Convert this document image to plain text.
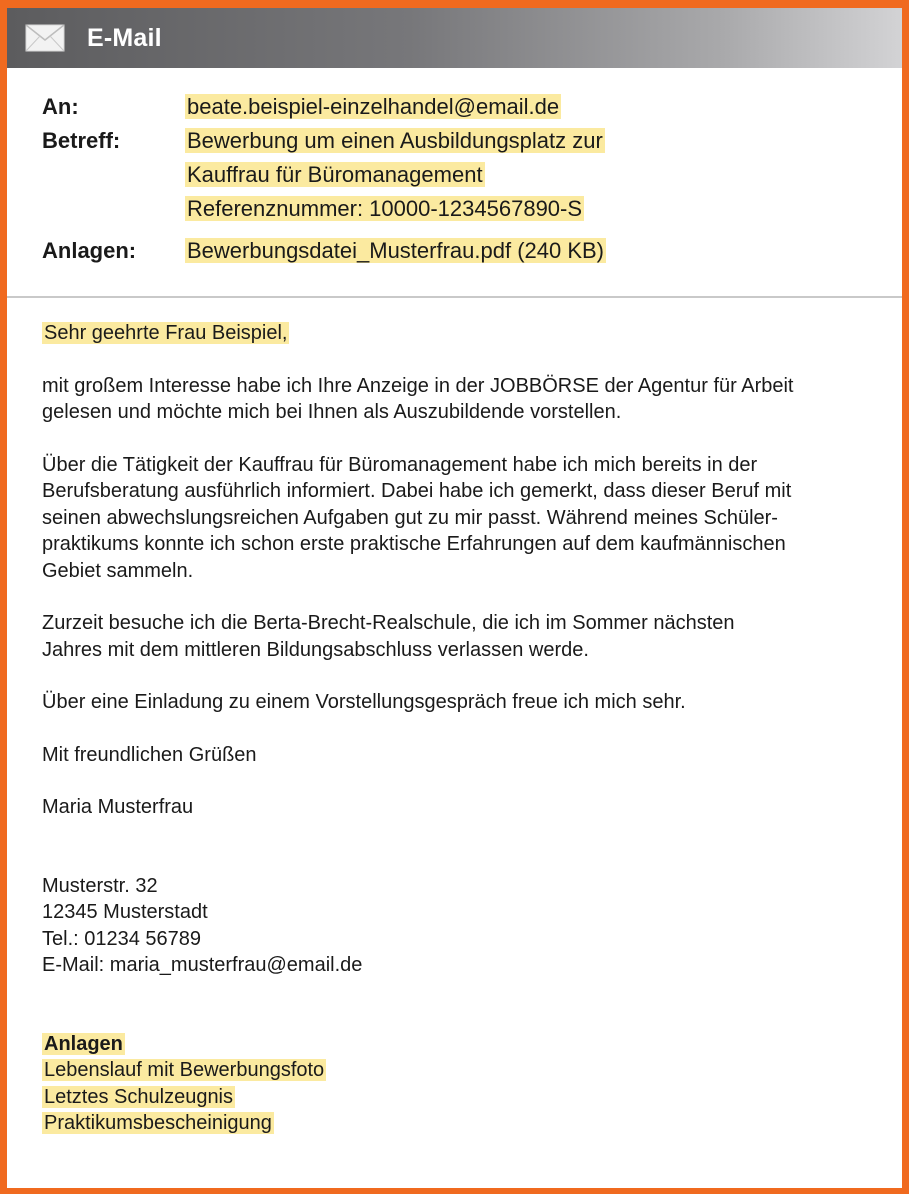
E-Mail
An:	beate.beispiel-einzelhandel@email.de
Betreff:	Bewerbung um einen Ausbildungsplatz zur
Kauffrau für Büromanagement
Referenznummer: 10000-1234567890-S
Anlagen: Bewerbungsdatei_Musterfrau.pdf (240 KB)

Sehr geehrte Frau Beispiel,

mit großem Interesse habe ich Ihre Anzeige in der JOBBÖRSE der Agentur für Arbeit
gelesen und möchte mich bei Ihnen als Auszubildende vorstellen.

Über die Tätigkeit der Kauffrau für Büromanagement habe ich mich bereits in der
Berufsberatung ausführlich informiert. Dabei habe ich gemerkt, dass dieser Beruf mit
seinen abwechslungsreichen Aufgaben gut zu mir passt. Während meines Schüler-
praktikums konnte ich schon erste praktische Erfahrungen auf dem kaufmännischen
Gebiet sammeln.

Zurzeit besuche ich die Berta-Brecht-Realschule, die ich im Sommer nächsten
Jahres mit dem mittleren Bildungsabschluss verlassen werde.

Über eine Einladung zu einem Vorstellungsgespräch freue ich mich sehr.

Mit freundlichen Grüßen

Maria Musterfrau

Musterstr. 32
12345 Musterstadt
Tel.: 01234 56789
E-Mail: maria_musterfrau@email.de

Anlagen
Lebenslauf mit Bewerbungsfoto
Letztes Schulzeugnis
Praktikumsbescheinigung
